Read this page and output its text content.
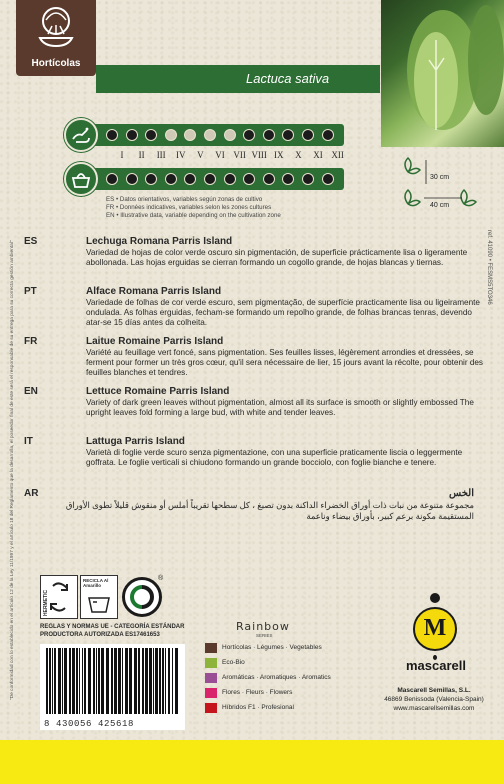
Hortícolas
Lactuca sativa
I	II	III	IV	V	VI VII VIII IX	X	XI XII
ES • Datos orientativos, variables según zonas de cultivo
FR • Données indicatives, variables selon les zones cultures
EN • Illustrative data, variable depending on the cultivation zone
30 cm
40 cm
ES	Lechuga Romana Parris Island
Variedad de hojas de color verde oscuro sin pigmentación, de superficie prácticamente lisa o ligeramente abollonada. Las hojas erguidas se cierran formando un cogollo grande, de hojas blancas y tiernas.
PT	Alface Romana Parris Island
Variedade de folhas de cor verde escuro, sem pigmentação, de superfície practicamente lisa ou ligeiramente ondulada. As folhas erguidas, fecham-se formando um repolho grande, de folhas brancas tenras, devendo atar-se 15 días antes da colheita.
FR	Laitue Romaine Parris Island
Variété au feuillage vert foncé, sans pigmentation. Ses feuilles lisses, légèrement arrondies et dressées, se ferment pour former un très gros cœur, qu'il sera nécessaire de lier, 15 jours avant la récolte, pour obtenir des feuilles blanches et tendres.
EN	Lettuce Romaine Parris Island
Variety of dark green leaves without pigmentation, almost all its surface is smooth or slightly embossed The upright leaves fold forming a large bud, with white and tender leaves.
IT	Lattuga Parris Island
Varietà di foglie verde scuro senza pigmentazione, con una superficie praticamente liscia o leggermente goffrata. Le foglie verticali si chiudono formando un grande bocciolo, con foglie bianche e tenere.
AR	الخس
مجموعة متنوعة من نبات ذات أوراق الخضراء الداكنة بدون تصبغ ، كل سطحها تقريباً أملس أو منقوش قليلاً تطوى الأوراق المستقيمة مكونة برعم كبير، بأوراق بيضاء وناعمة
"De conformidad con lo establecido en el artículo 12 de la Ley 11/1997 y el artículo 18 del Reglamento que la desarrolla, el poseedor final de este será el responsable de su entrega para su correcta gestión ambiental"	ref. 41090 • FESMS5TO346
HERMETIC
RECICLA Al Amarillo
®
REGLAS Y NORMAS UE - CATEGORÍA ESTÁNDAR
PRODUCTORA AUTORIZADA ES17461653
8 430056 425618
Rainbow
SERIES
Hortícolas · Légumes · Vegetables
Eco-Bio
Aromáticas · Aromatiques · Aromatics
Flores · Fleurs · Flowers
Híbridos F1 · Profesional
M
mascarell
Mascarell Semillas, S.L.
46869 Benissoda (Valencia-Spain)
www.mascarellsemillas.com
